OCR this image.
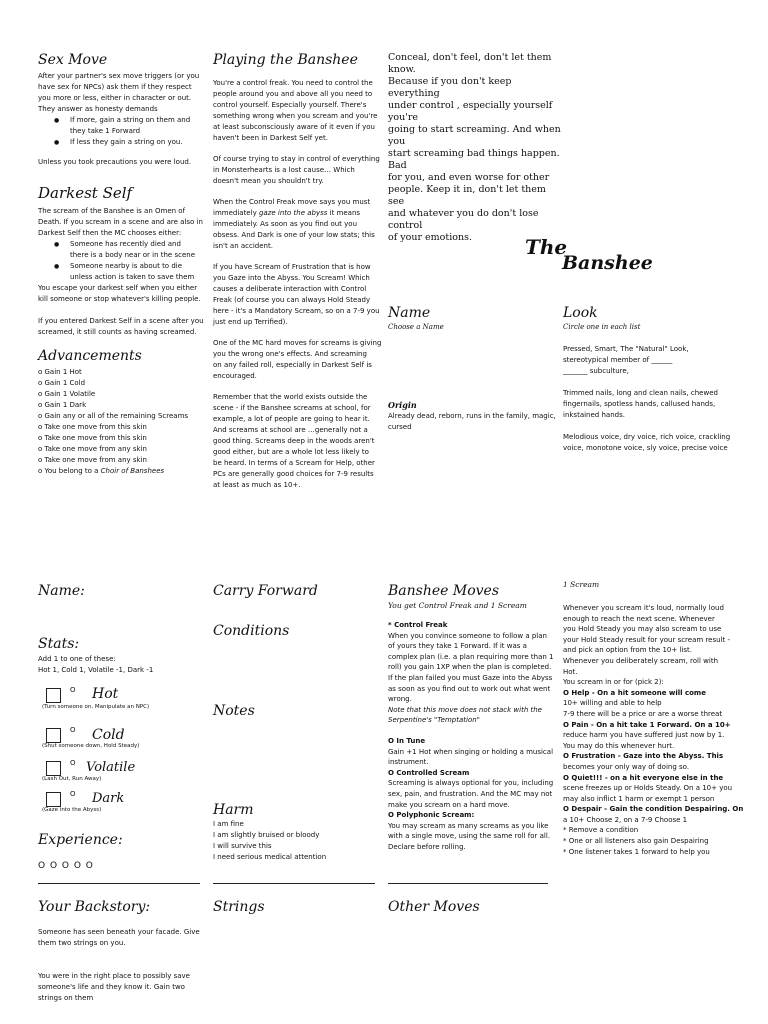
Sex Move
After your partner's sex move triggers (or you
have sex for NPCs) ask them if they respect
you more or less, either in character or out.
They answer as honesty demands
● If more, gain a string on them and
they take 1 Forward
● If less they gain a string on you.
Unless you took precautions you were loud.
Darkest Self
The scream of the Banshee is an Omen of
Death. If you scream in a scene and are also in
Darkest Self then the MC chooses either:
● Someone has recently died and
there is a body near or in the scene
● Someone nearby is about to die
unless action is taken to save them
You escape your darkest self when you either
kill someone or stop whatever's killing people.
If you entered Darkest Self in a scene after you
screamed, it still counts as having screamed.
Advancements
o Gain 1 Hot
o Gain 1 Cold
o Gain 1 Volatile
o Gain 1 Dark
o Gain any or all of the remaining Screams
o Take one move from this skin
o Take one move from this skin
o Take one move from any skin
o Take one move from any skin
o You belong to a Choir of Banshees
Playing the Banshee
You're a control freak. You need to control the
people around you and above all you need to
control yourself. Especially yourself. There's
something wrong when you scream and you're
at least subconsciously aware of it even if you
haven't been in Darkest Self yet.
Of course trying to stay in control of everything
in Monsterhearts is a lost cause… Which
doesn't mean you shouldn't try.
When the Control Freak move says you must
immediately gaze into the abyss it means
immediately. As soon as you find out you
obsess. And Dark is one of your low stats; this
isn't an accident.
If you have Scream of Frustration that is how
you Gaze into the Abyss. You Scream! Which
causes a deliberate interaction with Control
Freak (of course you can always Hold Steady
here - it's a Mandatory Scream, so on a 7-9 you
just end up Terrified).
One of the MC hard moves for screams is giving
you the wrong one's effects. And screaming
on any failed roll, especially in Darkest Self is
encouraged.
Remember that the world exists outside the
scene - if the Banshee screams at school, for
example, a lot of people are going to hear it.
And screams at school are …generally not a
good thing. Screams deep in the woods aren't
good either, but are a whole lot less likely to
be heard. In terms of a Scream for Help, other
PCs are generally good choices for 7-9 results
at least as much as 10+.
Conceal, don't feel, don't let them know.
Because if you don't keep everything
under control , especially yourself you're
going to start screaming. And when you
start screaming bad things happen. Bad
for you, and even worse for other
people. Keep it in, don't let them see
and whatever you do don't lose control
of your emotions.	The
Banshee
Name
Choose a Name
Origin
Already dead, reborn, runs in the family, magic,
cursed
Look
Circle one in each list
Pressed, Smart, The "Natural" Look,
stereotypical member of ______
_______ subculture,
Trimmed nails, long and clean nails, chewed
fingernails, spotless hands, callused hands,
inkstained hands.
Melodious voice, dry voice, rich voice, crackling
voice, monotone voice, sly voice, precise voice
Name:
Stats:
Add 1 to one of these:
Hot 1, Cold 1, Volatile -1, Dark -1
O Hot
(Turn someone on, Manipulate an NPC)
O Cold
(Shut someone down, Hold Steady)
O Volatile
(Lash Out, Run Away)
O Dark
(Gaze into the Abyss)
Experience:
O O O O O
Your Backstory:
Someone has seen beneath your facade. Give
them two strings on you.
You were in the right place to possibly save
someone's life and they know it. Gain two
strings on them
Carry Forward
Conditions
Notes
Harm
I am fine
I am slightly bruised or bloody
I will survive this
I need serious medical attention
Strings
Banshee Moves
You get Control Freak and 1 Scream
* Control Freak
When you convince someone to follow a plan
of yours they take 1 Forward. If it was a
complex plan (i.e. a plan requiring more than 1
roll) you gain 1XP when the plan is completed.
If the plan failed you must Gaze into the Abyss
as soon as you find out to work out what went
wrong.
Note that this move does not stack with the
Serpentine's "Temptation"
O In Tune
Gain +1 Hot when singing or holding a musical
instrument.
O Controlled Scream
Screaming is always optional for you, including
sex, pain, and frustration. And the MC may not
make you scream on a hard move.
O Polyphonic Scream:
You may scream as many screams as you like
with a single move, using the same roll for all.
Declare before rolling.
Other Moves
1 Scream
Whenever you scream it's loud, normally loud
enough to reach the next scene. Whenever
you Hold Steady you may also scream to use
your Hold Steady result for your scream result -
and pick an option from the 10+ list.
Whenever you deliberately scream, roll with
Hot.
You scream in or for (pick 2):
O Help - On a hit someone will come
10+ willing and able to help
7-9 there will be a price or are a worse threat
O Pain - On a hit take 1 Forward. On a 10+
reduce harm you have suffered just now by 1.
You may do this whenever hurt.
O Frustration - Gaze into the Abyss. This
becomes your only way of doing so.
O Quiet!!! - on a hit everyone else in the
scene freezes up or Holds Steady. On a 10+ you
may also inflict 1 harm or exempt 1 person
O Despair - Gain the condition Despairing. On
a 10+ Choose 2, on a 7-9 Choose 1
* Remove a condition
* One or all listeners also gain Despairing
* One listener takes 1 forward to help you
